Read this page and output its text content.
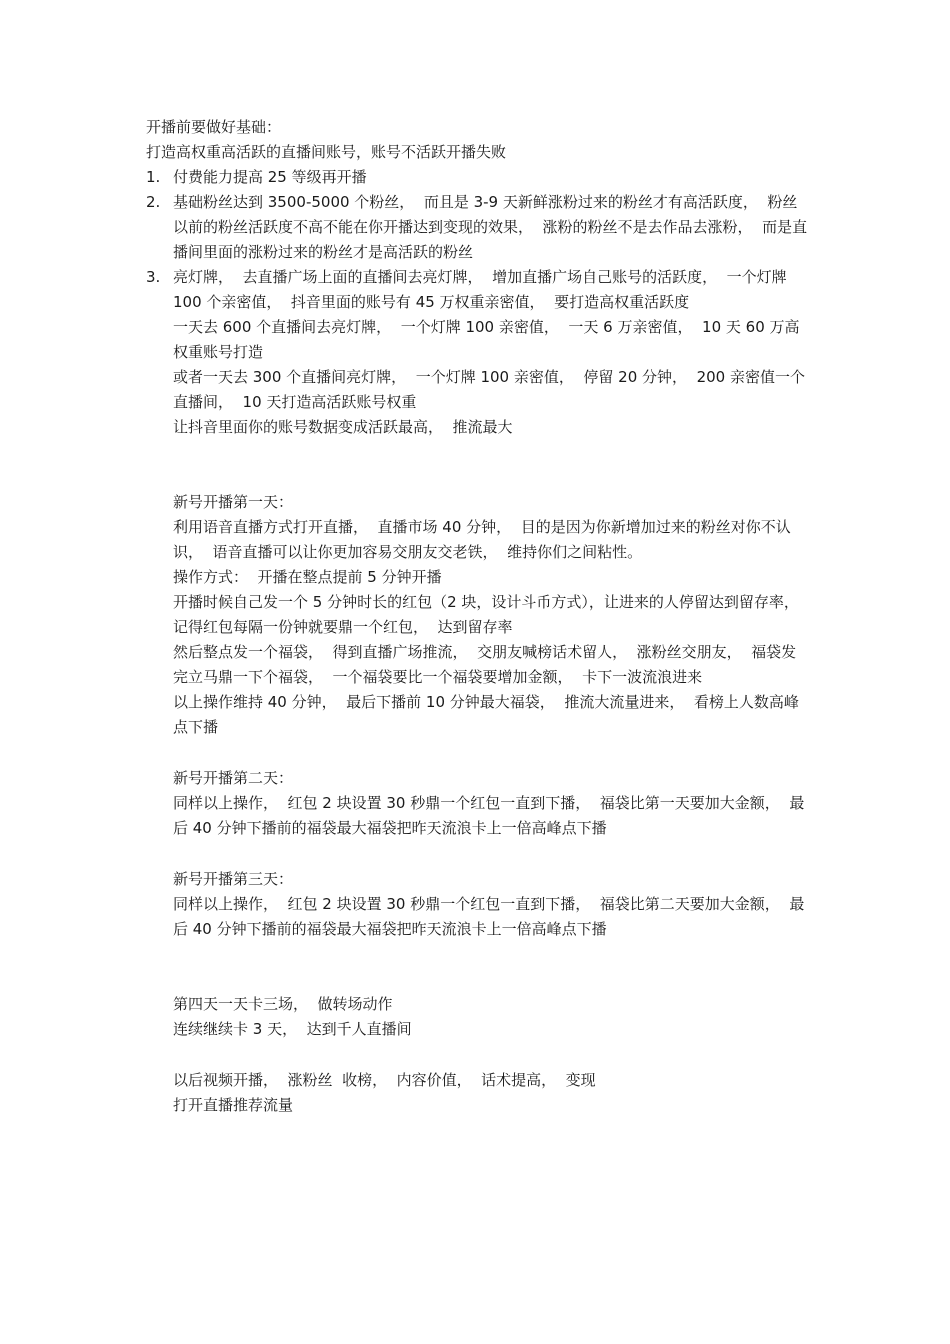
开播前要做好基础：

打造高权重高活跃的直播间账号，账号不活跃开播失败

1. 付费能力提高 25 等级再开播
2. 基础粉丝达到 3500-5000 个粉丝，  而且是 3-9 天新鲜涨粉过来的粉丝才有高活跃度，  粉丝以前的粉丝活跃度不高不能在你开播达到变现的效果，  涨粉的粉丝不是去作品去涨粉，  而是直播间里面的涨粉过来的粉丝才是高活跃的粉丝
3. 亮灯牌，  去直播广场上面的直播间去亮灯牌，  增加直播广场自己账号的活跃度，  一个灯牌 100 个亲密值，  抖音里面的账号有 45 万权重亲密值，  要打造高权重活跃度

一天去 600 个直播间去亮灯牌，  一个灯牌 100 亲密值，  一天 6 万亲密值，  10 天 60 万高权重账号打造

或者一天去 300 个直播间亮灯牌，  一个灯牌 100 亲密值，  停留 20 分钟，  200 亲密值一个直播间，  10 天打造高活跃账号权重

让抖音里面你的账号数据变成活跃最高，  推流最大

新号开播第一天：

利用语音直播方式打开直播，  直播市场 40 分钟，  目的是因为你新增加过来的粉丝对你不认识，  语音直播可以让你更加容易交朋友交老铁，  维持你们之间粘性。

操作方式：  开播在整点提前 5 分钟开播

开播时候自己发一个 5 分钟时长的红包（2 块，设计斗币方式），让进来的人停留达到留存率，记得红包每隔一份钟就要鼎一个红包，  达到留存率

然后整点发一个福袋，  得到直播广场推流，  交朋友喊榜话术留人，  涨粉丝交朋友，  福袋发完立马鼎一下个福袋，  一个福袋要比一个福袋要增加金额，  卡下一波流浪进来

以上操作维持 40 分钟，  最后下播前 10 分钟最大福袋，  推流大流量进来，  看榜上人数高峰点下播

新号开播第二天：

同样以上操作，  红包 2 块设置 30 秒鼎一个红包一直到下播，  福袋比第一天要加大金额，  最后 40 分钟下播前的福袋最大福袋把昨天流浪卡上一倍高峰点下播

新号开播第三天：

同样以上操作，  红包 2 块设置 30 秒鼎一个红包一直到下播，  福袋比第二天要加大金额，  最后 40 分钟下播前的福袋最大福袋把昨天流浪卡上一倍高峰点下播

第四天一天卡三场，  做转场动作

连续继续卡 3 天，  达到千人直播间

以后视频开播，  涨粉丝  收榜，  内容价值，  话术提高，  变现

打开直播推荐流量
